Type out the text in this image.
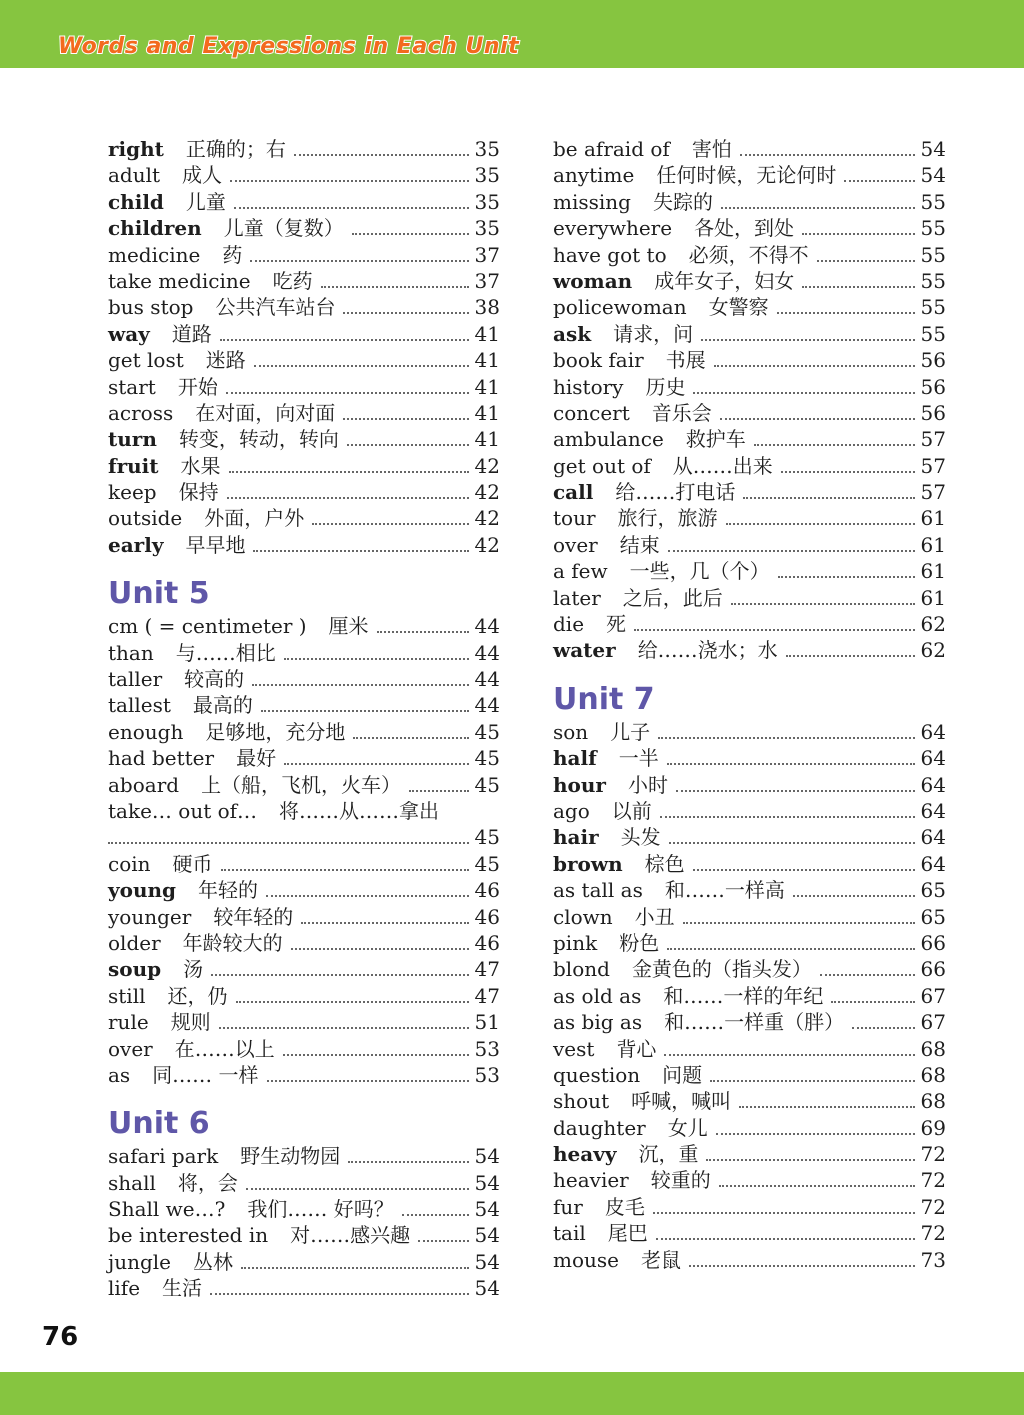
Words and Expressions in Each Unit
right 正确的；右	35
adult 成人	35
child 儿童	35
children 儿童（复数）	35
medicine 药	37
take medicine 吃药	37
bus stop 公共汽车站台	38
way 道路	41
get lost 迷路	41
start 开始	41
across 在对面，向对面	41
turn 转变，转动，转向	41
fruit 水果	42
keep 保持	42
outside 外面，户外	42
early 早早地	42
Unit 5
cm ( = centimeter ) 厘米	44
than 与……相比	44
taller 较高的	44
tallest 最高的	44
enough 足够地，充分地	45
had better 最好	45
aboard 上（船，飞机，火车）	45
take… out of… 将……从……拿出
45
coin 硬币	45
young 年轻的	46
younger 较年轻的	46
older 年龄较大的	46
soup 汤	47
still 还，仍	47
rule 规则	51
over 在……以上	53
as 同…… 一样	53
Unit 6
safari park 野生动物园	54
shall 将，会	54
Shall we…? 我们…… 好吗？	54
be interested in 对……感兴趣	54
jungle 丛林	54
life 生活	54
be afraid of 害怕	54
anytime 任何时候，无论何时	54
missing 失踪的	55
everywhere 各处，到处	55
have got to 必须，不得不	55
woman 成年女子，妇女	55
policewoman 女警察	55
ask 请求，问	55
book fair 书展	56
history 历史	56
concert 音乐会	56
ambulance 救护车	57
get out of 从……出来	57
call 给……打电话	57
tour 旅行，旅游	61
over 结束	61
a few 一些，几（个）	61
later 之后，此后	61
die 死	62
water 给……浇水；水	62
Unit 7
son 儿子	64
half 一半	64
hour 小时	64
ago 以前	64
hair 头发	64
brown 棕色	64
as tall as 和……一样高	65
clown 小丑	65
pink 粉色	66
blond 金黄色的（指头发）	66
as old as 和……一样的年纪	67
as big as 和……一样重（胖）	67
vest 背心	68
question 问题	68
shout 呼喊，喊叫	68
daughter 女儿	69
heavy 沉，重	72
heavier 较重的	72
fur 皮毛	72
tail 尾巴	72
mouse 老鼠	73
76
